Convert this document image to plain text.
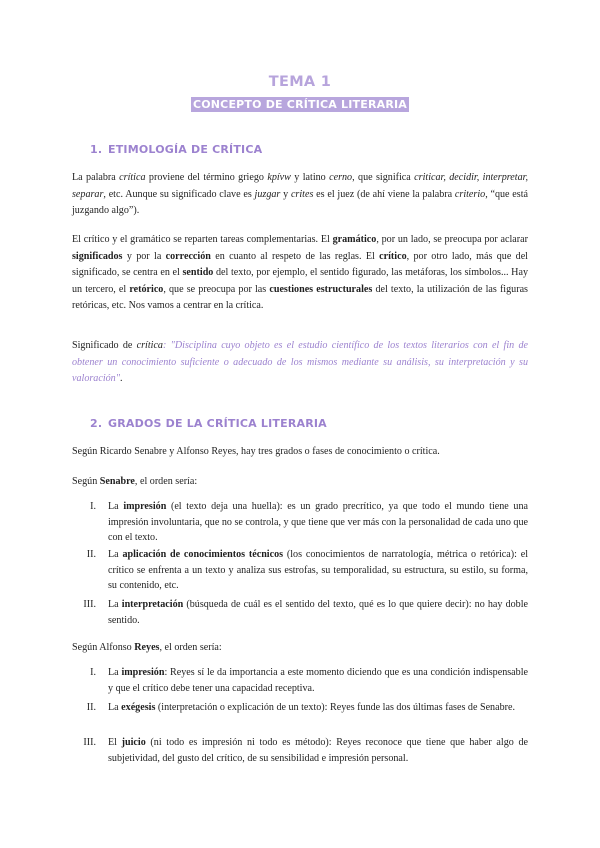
TEMA 1
CONCEPTO DE CRÍTICA LITERARIA
1. ETIMOLOGÍA DE CRÍTICA

La palabra crítica proviene del término griego kpívw y latino cerno, que significa criticar, decidir, interpretar, separar, etc. Aunque su significado clave es juzgar y crites es el juez (de ahí viene la palabra criterio, “que está juzgando algo”).

El crítico y el gramático se reparten tareas complementarias. El gramático, por un lado, se preocupa por aclarar significados y por la corrección en cuanto al respeto de las reglas. El crítico, por otro lado, más que del significado, se centra en el sentido del texto, por ejemplo, el sentido figurado, las metáforas, los símbolos... Hay un tercero, el retórico, que se preocupa por las cuestiones estructurales del texto, la utilización de las figuras retóricas, etc. Nos vamos a centrar en la crítica.

Significado de crítica: "Disciplina cuyo objeto es el estudio científico de los textos literarios con el fin de obtener un conocimiento suficiente o adecuado de los mismos mediante su análisis, su interpretación y su valoración".

2. GRADOS DE LA CRÍTICA LITERARIA

Según Ricardo Senabre y Alfonso Reyes, hay tres grados o fases de conocimiento o crítica.

Según Senabre, el orden sería:

I. La impresión (el texto deja una huella): es un grado precrítico, ya que todo el mundo tiene una impresión involuntaria, que no se controla, y que tiene que ver más con la personalidad de cada uno que con el texto.
II. La aplicación de conocimientos técnicos (los conocimientos de narratología, métrica o retórica): el crítico se enfrenta a un texto y analiza sus estrofas, su temporalidad, su estructura, su estilo, su forma, su contenido, etc.
III. La interpretación (búsqueda de cuál es el sentido del texto, qué es lo que quiere decir): no hay doble sentido.

Según Alfonso Reyes, el orden sería:

I. La impresión: Reyes sí le da importancia a este momento diciendo que es una condición indispensable y que el crítico debe tener una capacidad receptiva.
II. La exégesis (interpretación o explicación de un texto): Reyes funde las dos últimas fases de Senabre.
III. El juicio (ni todo es impresión ni todo es método): Reyes reconoce que tiene que haber algo de subjetividad, del gusto del crítico, de su sensibilidad e impresión personal.
